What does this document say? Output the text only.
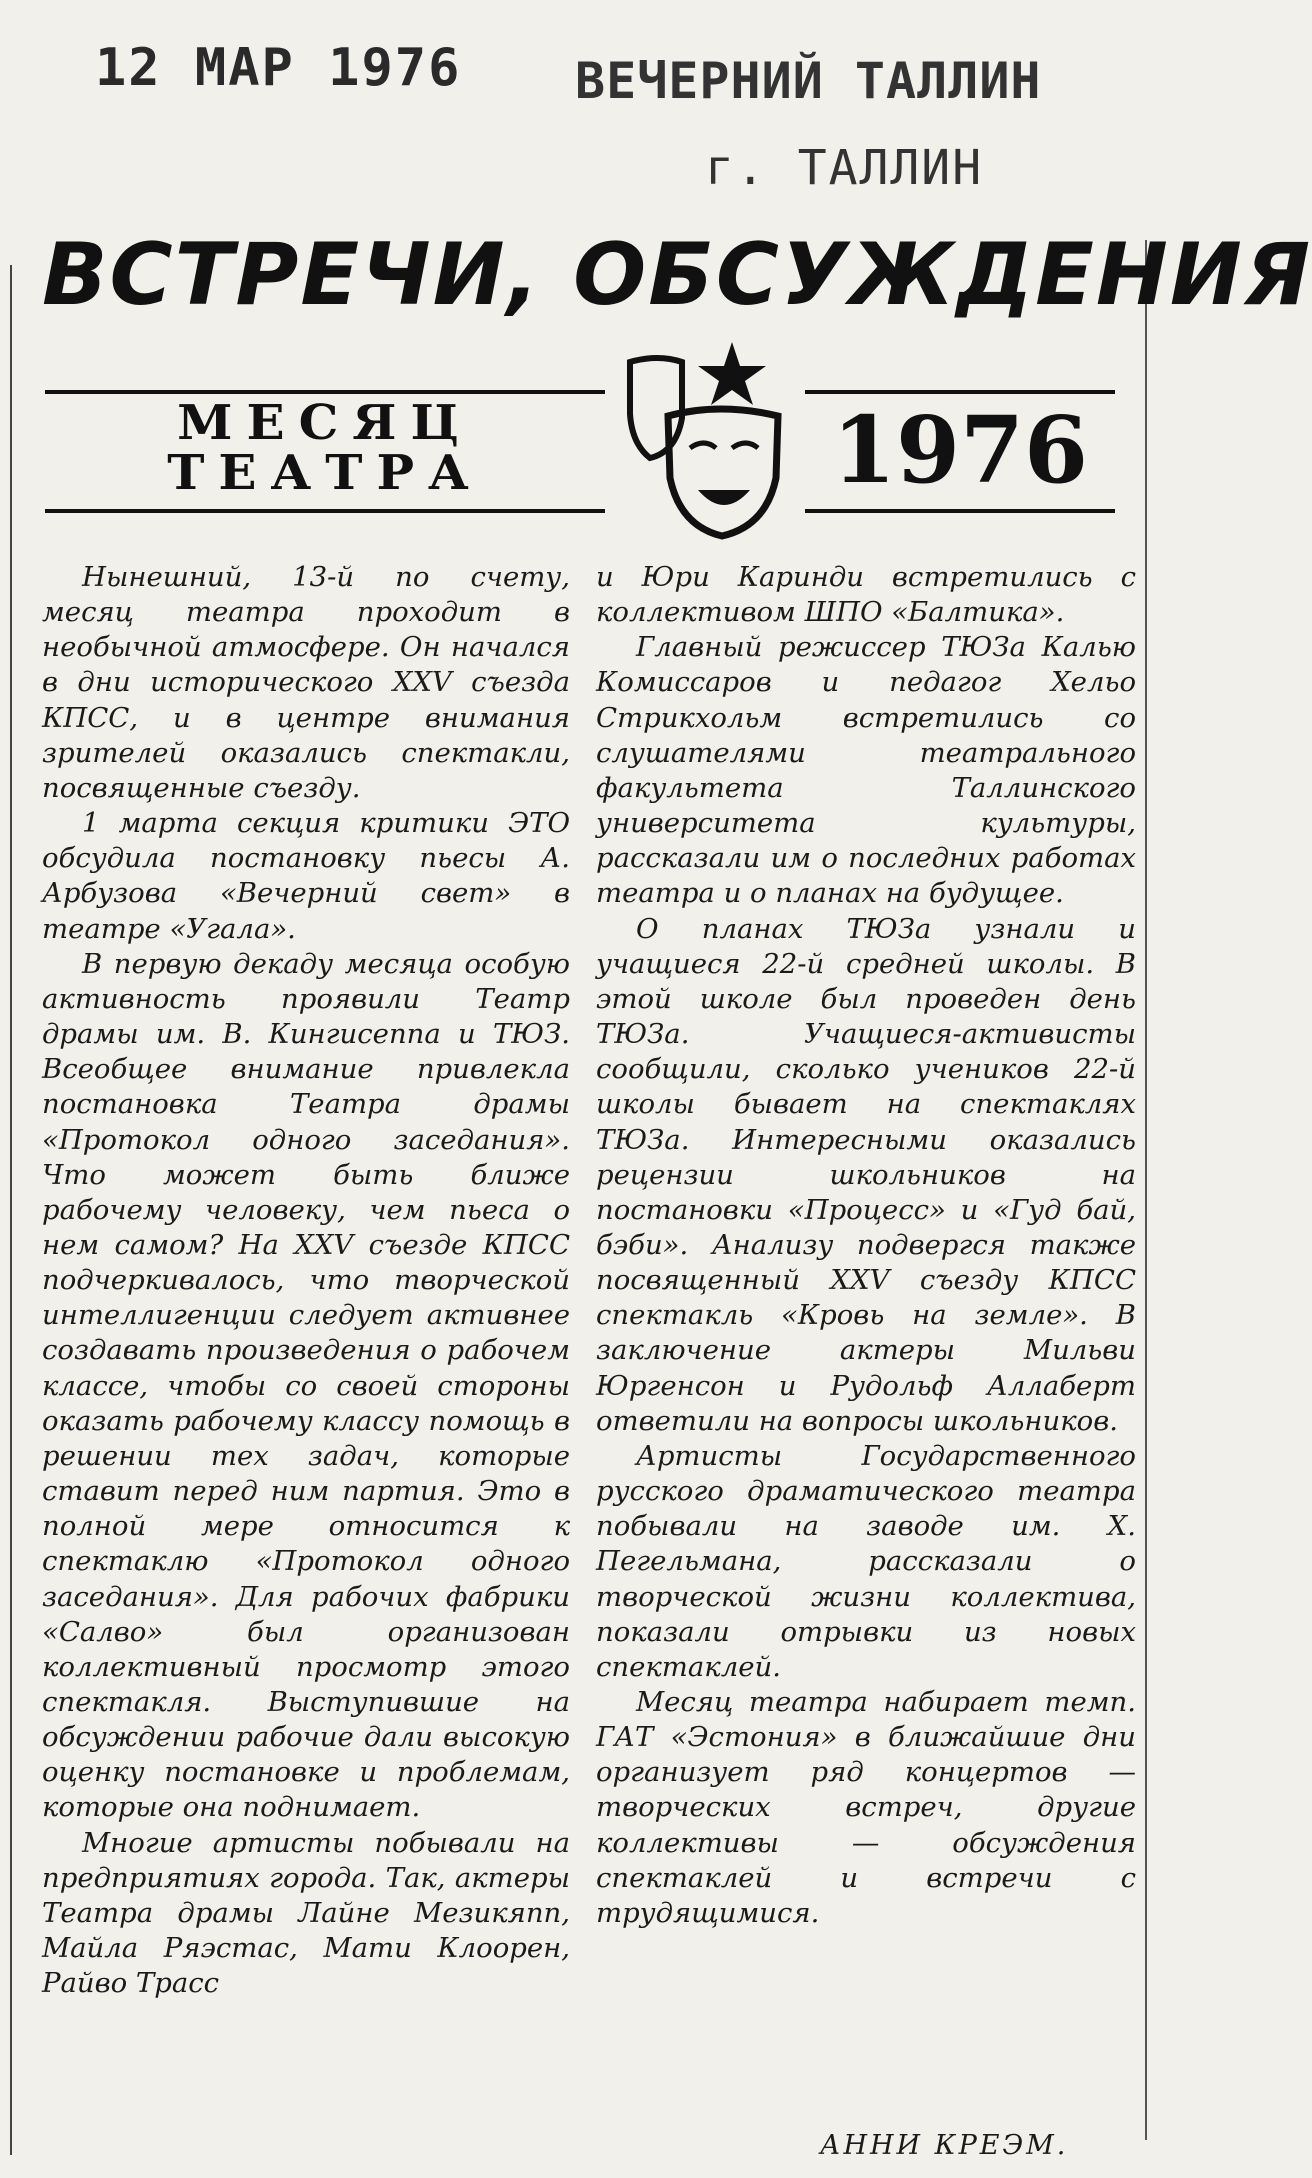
12 МАР 1976 ВЕЧЕРНИЙ ТАЛЛИН
г. ТАЛЛИН
ВСТРЕЧИ, ОБСУЖДЕНИЯ
МЕСЯЦ
ТЕАТРА	1976

Нынешний, 13-й по счету, месяц театра проходит в необычной атмосфере. Он начался в дни исторического XXV съезда КПСС, и в центре внимания зрителей оказались спектакли, посвященные съезду.

1 марта секция критики ЭТО обсудила постановку пьесы А. Арбузова «Вечерний свет» в театре «Угала».

В первую декаду месяца особую активность проявили Театр драмы им. В. Кингисеппа и ТЮЗ. Всеобщее внимание привлекла постановка Театра драмы «Протокол одного заседания». Что может быть ближе рабочему человеку, чем пьеса о нем самом? На XXV съезде КПСС подчеркивалось, что творческой интеллигенции следует активнее создавать произведения о рабочем классе, чтобы со своей стороны оказать рабочему классу помощь в решении тех задач, которые ставит перед ним партия. Это в полной мере относится к спектаклю «Протокол одного заседания». Для рабочих фабрики «Салво» был организован коллективный просмотр этого спектакля. Выступившие на обсуждении рабочие дали высокую оценку постановке и проблемам, которые она поднимает.

Многие артисты побывали на предприятиях города. Так, актеры Театра драмы Лайне Мезикяпп, Майла Ряэстас, Мати Клоорен, Райво Трасс

и Юри Каринди встретились с коллективом ШПО «Балтика».

Главный режиссер ТЮЗа Калью Комиссаров и педагог Хельо Стрикхольм встретились со слушателями театрального факультета Таллинского университета культуры, рассказали им о последних работах театра и о планах на будущее.

О планах ТЮЗа узнали и учащиеся 22-й средней школы. В этой школе был проведен день ТЮЗа. Учащиеся-активисты сообщили, сколько учеников 22-й школы бывает на спектаклях ТЮЗа. Интересными оказались рецензии школьников на постановки «Процесс» и «Гуд бай, бэби». Анализу подвергся также посвященный XXV съезду КПСС спектакль «Кровь на земле». В заключение актеры Мильви Юргенсон и Рудольф Аллаберт ответили на вопросы школьников.

Артисты Государственного русского драматического театра побывали на заводе им. Х. Пегельмана, рассказали о творческой жизни коллектива, показали отрывки из новых спектаклей.

Месяц театра набирает темп. ГАТ «Эстония» в ближайшие дни организует ряд концертов — творческих встреч, другие коллективы — обсуждения спектаклей и встречи с трудящимися.

АННИ КРЕЭМ.
